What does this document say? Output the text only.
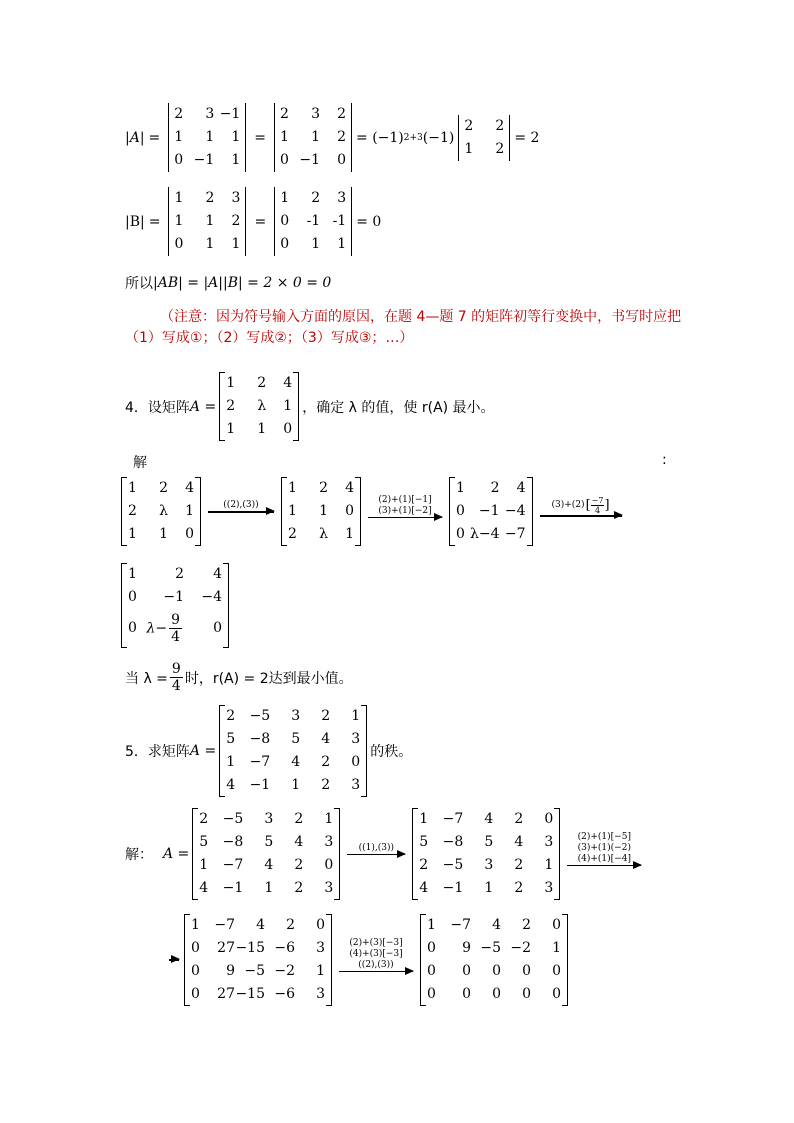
|A| =
2	3	−1
1	1	1
0	−1	1
=
2	3	2
1	1	2
0	−1	0
= (−1) 2+3 (−1)
2	2
1	2
= 2
|B| =
1	2	3
1	1	2
0	1	1
=
1	2	3
0	-1	-1
0	1	1
= 0
所以 |AB| = |A||B| = 2 × 0 = 0
（注意：因为符号输入方面的原因，在题 4—题 7 的矩阵初等行变换中，书写时应把
（1）写成①；（2）写成②；（3）写成③；…）
4．设矩阵 A =
1	2	4
2	λ	1
1	1	0
，确定 λ 的值，使 r(A) 最小。
解	:
1	2	4
2	λ	1
1	1	0
((2),(3))
1	2	4
1	1	0
2	λ	1
(2)+(1)[−1]
(3)+(1)[−2]
1	2	4
0	−1	−4
0	λ−4	−7
(3)+(2) [ −7
4 ]
1	2	4
0	−1	−4
0	$\lambda- \frac{9}{4}$	0
当 $\lambda = \frac{9}{4}$ 时，r(A) = 2达到最小值。
5．求矩阵 A =
2	−5	3	2	1
5	−8	5	4	3
1	−7	4	2	0
4	−1	1	2	3
的秩。
解： A =
2	−5	3	2	1
5	−8	5	4	3
1	−7	4	2	0
4	−1	1	2	3
((1),(3))
1	−7	4	2	0
5	−8	5	4	3
2	−5	3	2	1
4	−1	1	2	3
(2)+(1)[−5]
(3)+(1)(−2)
(4)+(1)[−4]
1	−7	4	2	0
0	27	−15	−6	3
0	9	−5	−2	1
0	27	−15	−6	3
(2)+(3)[−3]
(4)+(3)[−3]
((2),(3))
1	−7	4	2	0
0	9	−5	−2	1
0	0	0	0	0
0	0	0	0	0
